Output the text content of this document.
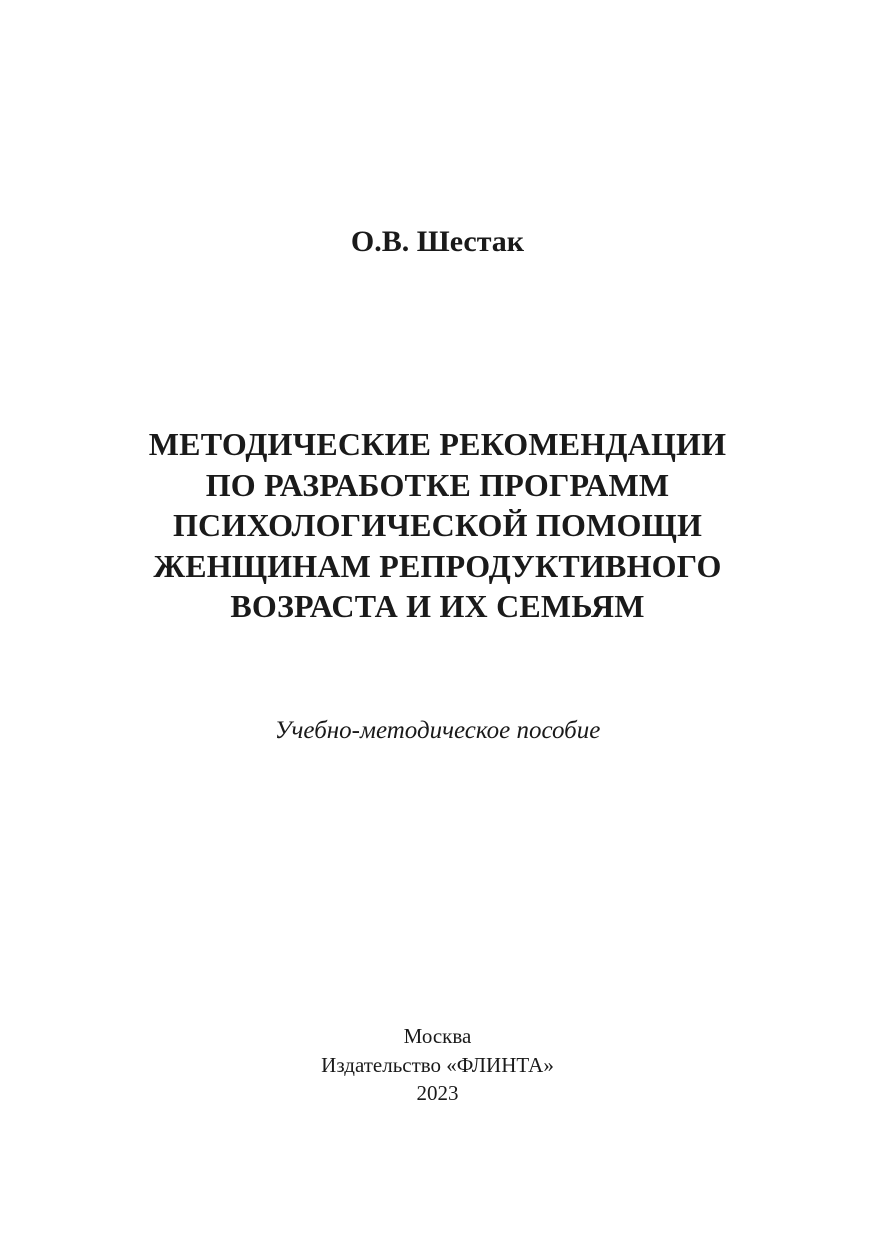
О.В. Шестак
МЕТОДИЧЕСКИЕ РЕКОМЕНДАЦИИ
ПО РАЗРАБОТКЕ ПРОГРАММ
ПСИХОЛОГИЧЕСКОЙ ПОМОЩИ
ЖЕНЩИНАМ РЕПРОДУКТИВНОГО
ВОЗРАСТА И ИХ СЕМЬЯМ
Учебно-методическое пособие
Москва
Издательство «ФЛИНТА»
2023
